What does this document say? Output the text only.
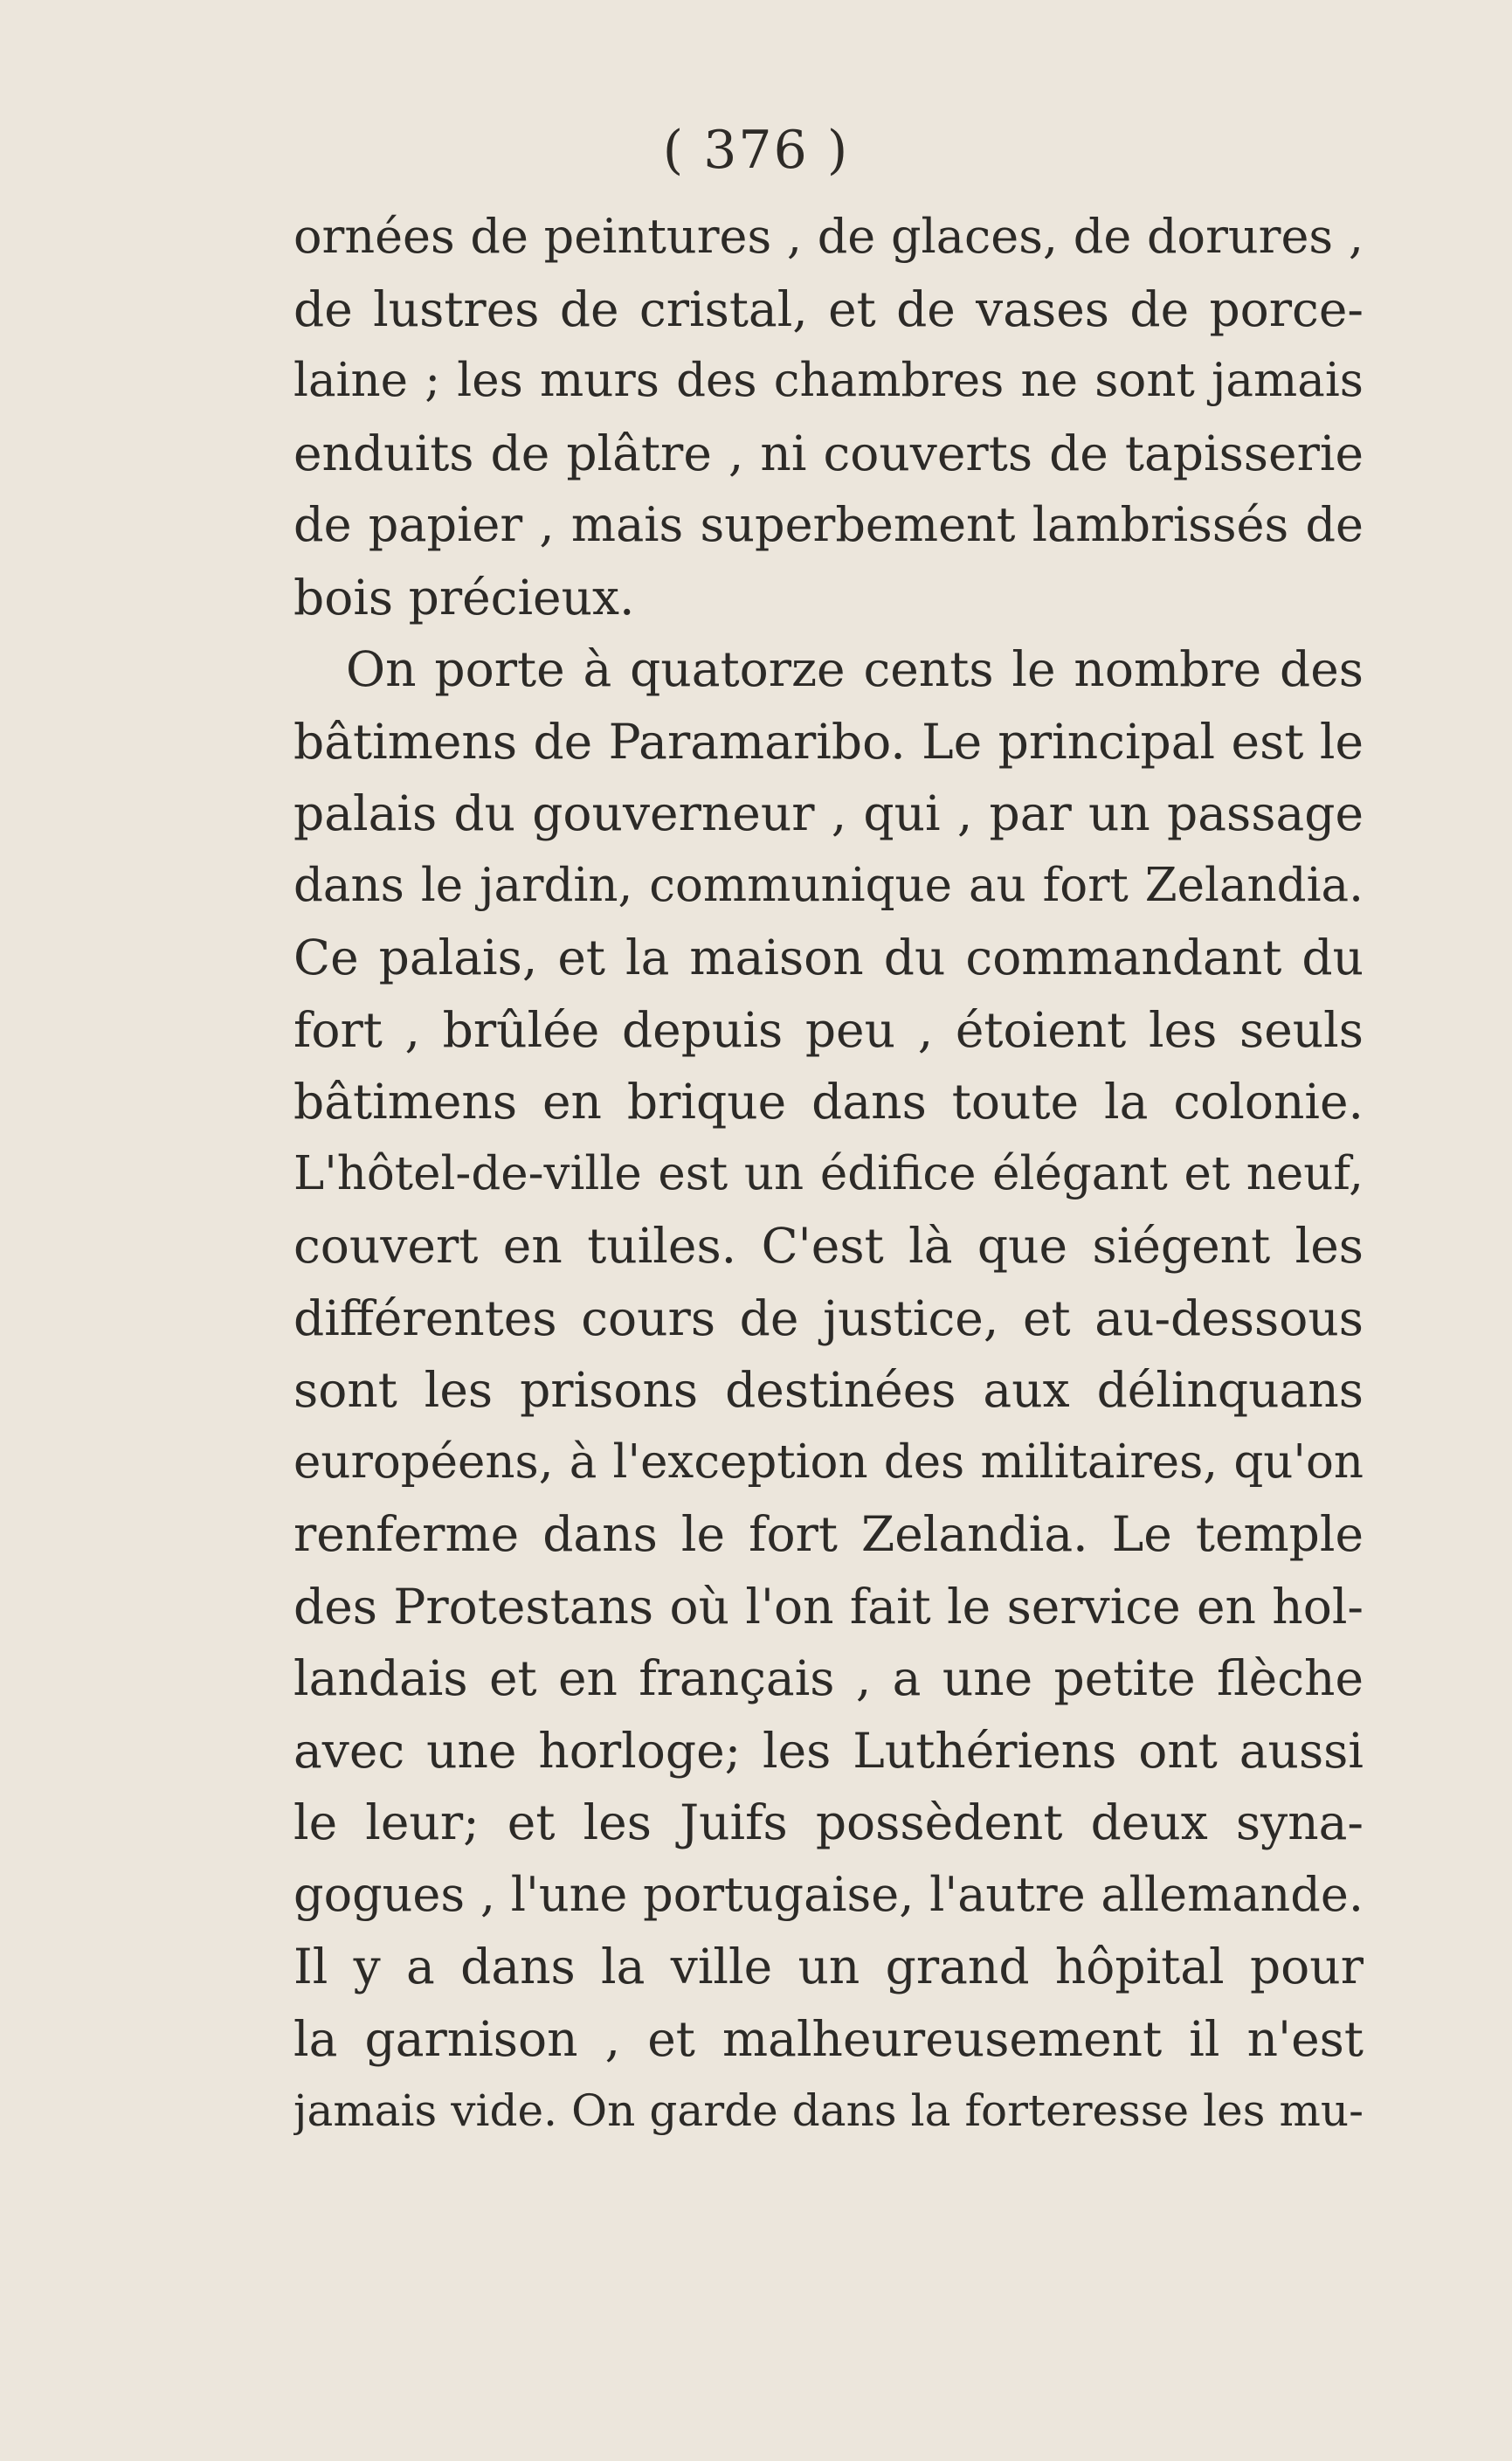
( 376 )
ornées de peintures , de glaces, de dorures ,
de lustres de cristal, et de vases de porce-
laine ; les murs des chambres ne sont jamais
enduits de plâtre , ni couverts de tapisserie
de papier , mais superbement lambrissés de
bois précieux.
On porte à quatorze cents le nombre des
bâtimens de Paramaribo. Le principal est le
palais du gouverneur , qui , par un passage
dans le jardin, communique au fort Zelandia.
Ce palais, et la maison du commandant du
fort , brûlée depuis peu , étoient les seuls
bâtimens en brique dans toute la colonie.
L'hôtel-de-ville est un édifice élégant et neuf,
couvert en tuiles. C'est là que siégent les
différentes cours de justice, et au-dessous
sont les prisons destinées aux délinquans
européens, à l'exception des militaires, qu'on
renferme dans le fort Zelandia. Le temple
des Protestans où l'on fait le service en hol-
landais et en français , a une petite flèche
avec une horloge; les Luthériens ont aussi
le leur; et les Juifs possèdent deux syna-
gogues , l'une portugaise, l'autre allemande.
Il y a dans la ville un grand hôpital pour
la garnison , et malheureusement il n'est
jamais vide. On garde dans la forteresse les mu-
